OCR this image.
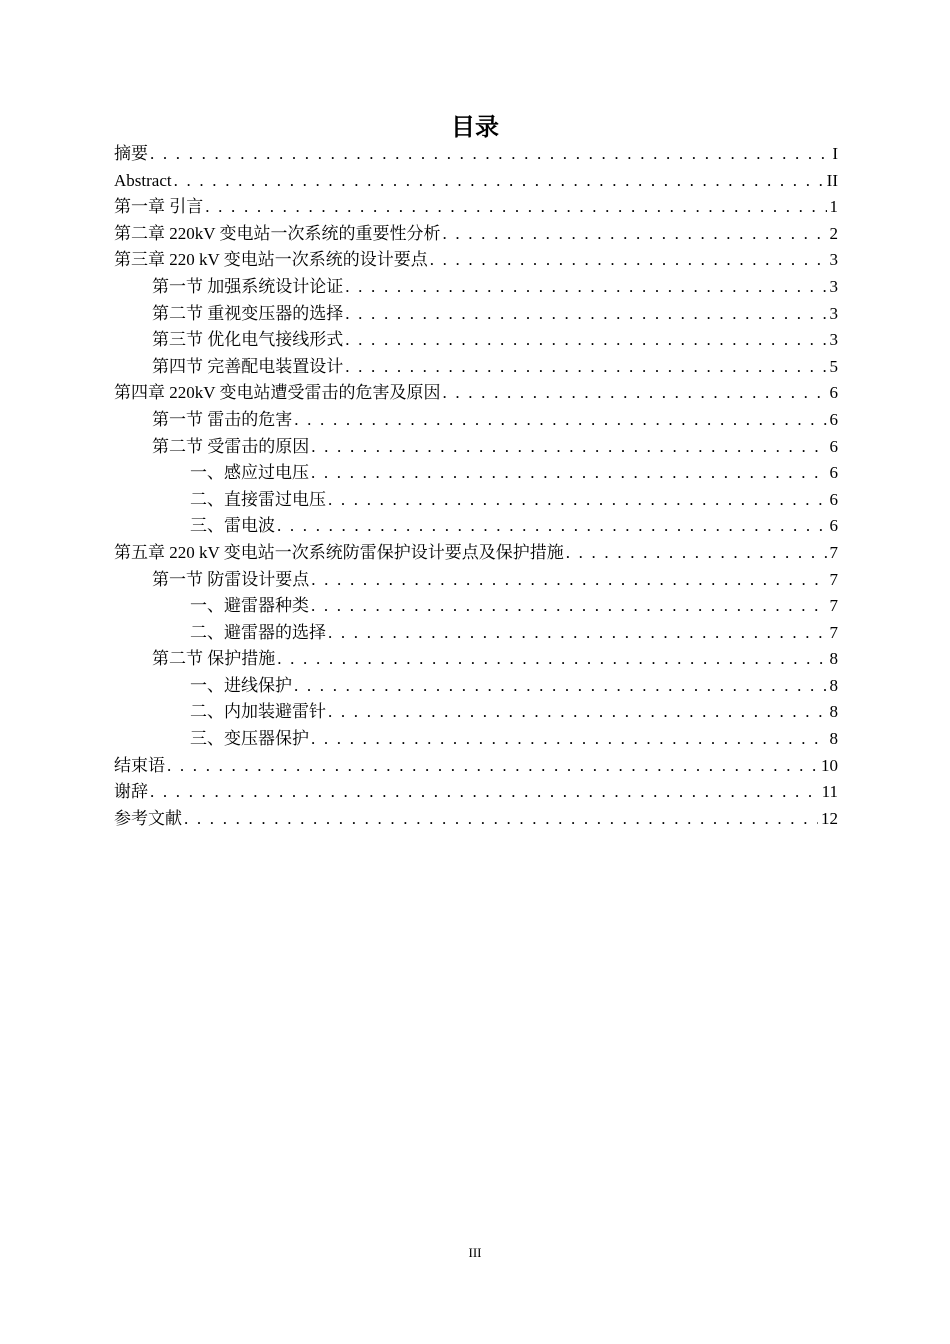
目录
摘要 . . .	I
Abstract . . .	II
第一章 引言 . . .	1
第二章 220kV 变电站一次系统的重要性分析 . . .	2
第三章 220 kV 变电站一次系统的设计要点 . . .	3
第一节 加强系统设计论证 . . .	3
第二节 重视变压器的选择 . . .	3
第三节 优化电气接线形式 . . .	3
第四节 完善配电装置设计 . . .	5
第四章 220kV 变电站遭受雷击的危害及原因 . . .	6
第一节 雷击的危害 . . .	6
第二节 受雷击的原因 . . .	6
一、感应过电压 . . .	6
二、直接雷过电压 . . .	6
三、雷电波 . . .	6
第五章 220 kV 变电站一次系统防雷保护设计要点及保护措施 . . .	7
第一节 防雷设计要点 . . .	7
一、避雷器种类 . . .	7
二、避雷器的选择 . . .	7
第二节 保护措施 . . .	8
一、进线保护 . . .	8
二、内加装避雷针 . . .	8
三、变压器保护 . . .	8
结束语 . . .	10
谢辞 . . .	11
参考文献 . . .	12
III
